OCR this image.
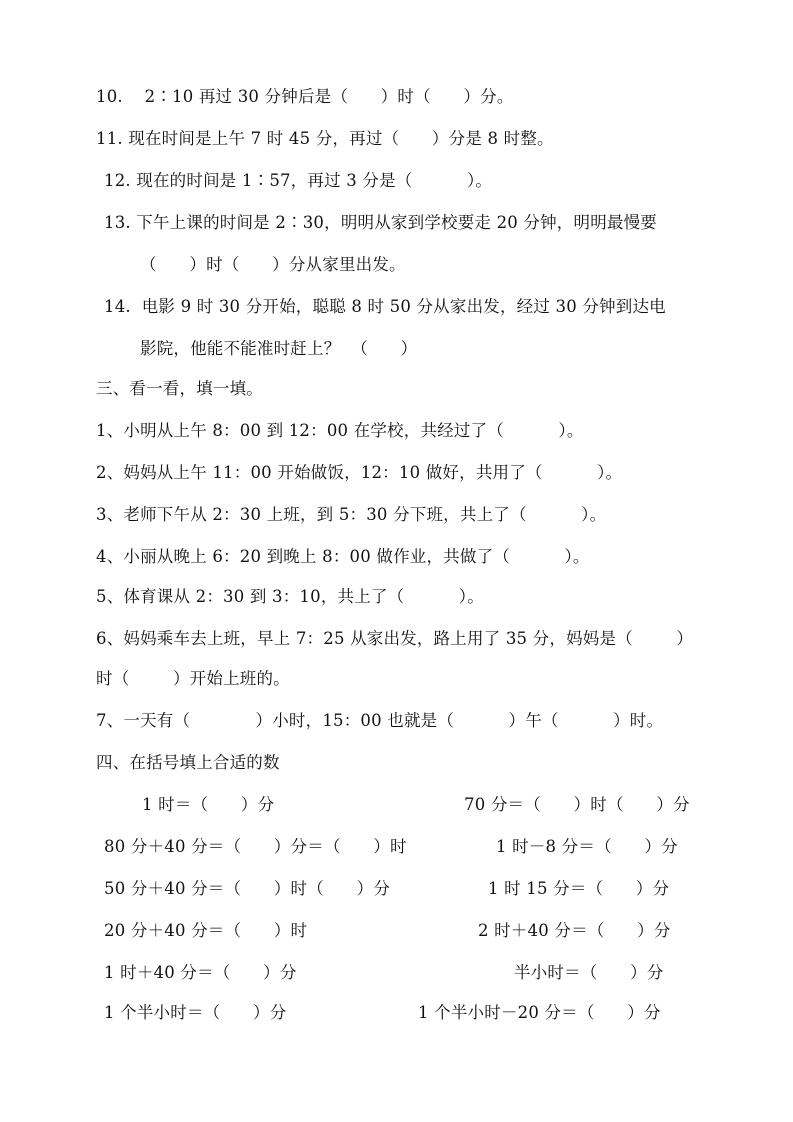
10.    2∶10 再过 30 分钟后是（      ）时（      ）分。
11. 现在时间是上午 7 时 45 分，再过（      ）分是 8 时整。
12. 现在的时间是 1∶57，再过 3 分是（          ）。
13. 下午上课的时间是 2∶30，明明从家到学校要走 20 分钟，明明最慢要
（      ）时（      ）分从家里出发。
14.  电影 9 时 30 分开始，聪聪 8 时 50 分从家出发，经过 30 分钟到达电
影院，他能不能准时赶上？  （      ）
三、看一看，填一填。
1、小明从上午 8：00 到 12：00 在学校，共经过了（          ）。
2、妈妈从上午 11：00 开始做饭，12：10 做好，共用了（          ）。
3、老师下午从 2：30 上班，到 5：30 分下班，共上了（          ）。
4、小丽从晚上 6：20 到晚上 8：00 做作业，共做了（          ）。
5、体育课从 2：30 到 3：10，共上了（          ）。
6、妈妈乘车去上班，早上 7：25 从家出发，路上用了 35 分，妈妈是（        ）
时（        ）开始上班的。
7、一天有（            ）小时，15：00 也就是（          ）午（          ）时。
四、在括号填上合适的数
1 时＝（      ）分	70 分＝（      ）时（      ）分
80 分＋40 分＝（      ）分＝（      ）时	1 时－8 分＝（      ）分
50 分＋40 分＝（      ）时（      ）分	1 时 15 分＝（      ）分
20 分＋40 分＝（      ）时	2 时＋40 分＝（      ）分
1 时＋40 分＝（      ）分	半小时＝（      ）分
1 个半小时＝（      ）分	1 个半小时－20 分＝（      ）分
